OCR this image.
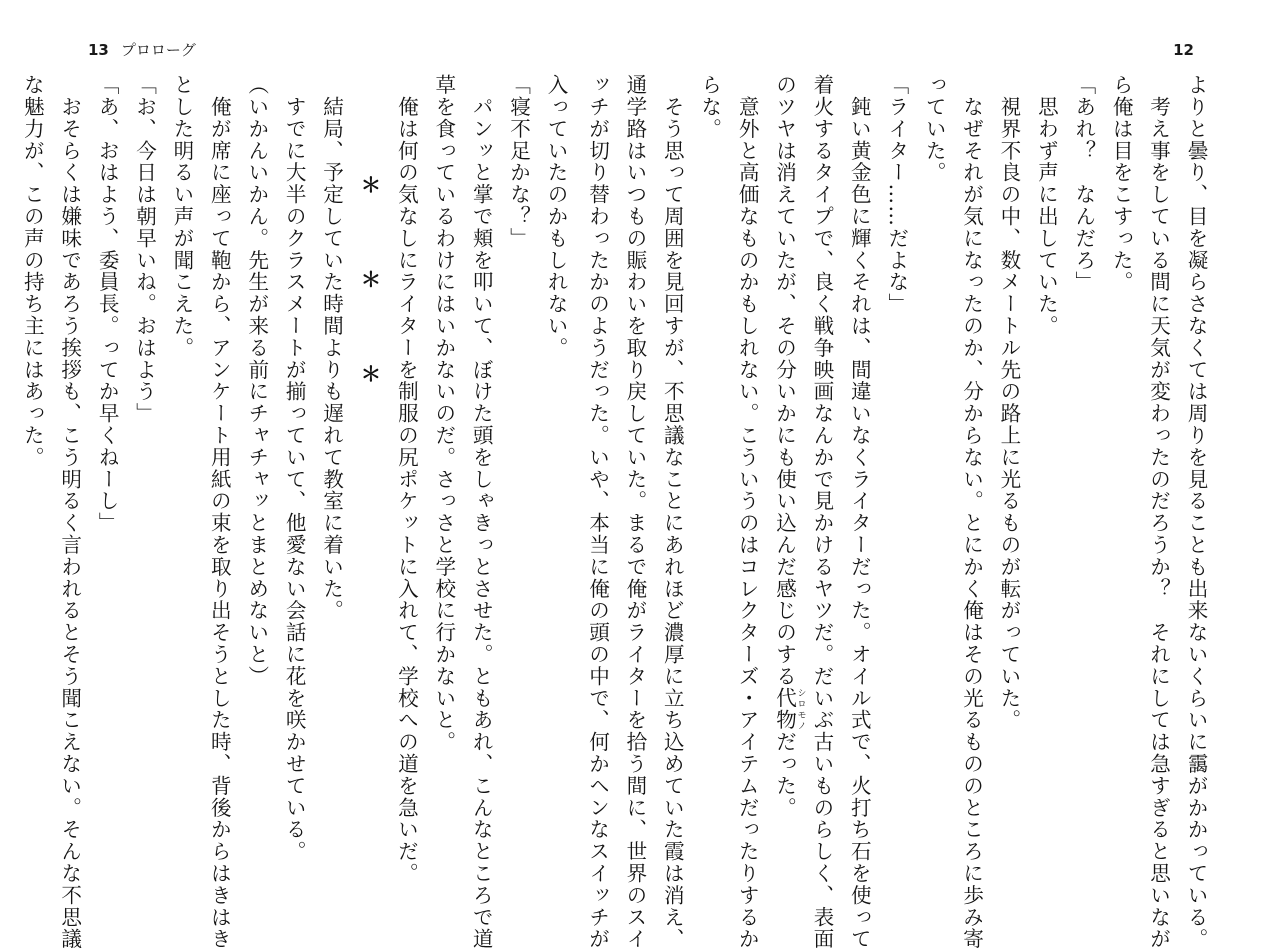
13 プロローグ	12
よりと曇り、目を凝らさなくては周りを見ることも出来ないくらいに靄がかかっている。
　考え事をしている間に天気が変わったのだろうか？　それにしては急すぎると思いなが
ら俺は目をこすった。
「あれ？　なんだろ」
　思わず声に出していた。
　視界不良の中、数メートル先の路上に光るものが転がっていた。
　なぜそれが気になったのか、分からない。とにかく俺はその光るもののところに歩み寄
っていた。
「ライター……だよな」
　鈍い黄金色に輝くそれは、間違いなくライターだった。オイル式で、火打ち石を使って
着火するタイプで、良く戦争映画なんかで見かけるヤツだ。だいぶ古いものらしく、表面
のツヤは消えていたが、その分いかにも使い込んだ感じのする代物 シロモノだった。
　意外と高価なものかもしれない。こういうのはコレクターズ・アイテムだったりするか
らな。
　そう思って周囲を見回すが、不思議なことにあれほど濃厚に立ち込めていた霞は消え、
通学路はいつもの賑わいを取り戻していた。まるで俺がライターを拾う間に、世界のスイ
ッチが切り替わったかのようだった。いや、本当に俺の頭の中で、何かヘンなスイッチが
入っていたのかもしれない。
「寝不足かな？」
　パンッと掌で頬を叩いて、ぼけた頭をしゃきっとさせた。ともあれ、こんなところで道
草を食っているわけにはいかないのだ。さっさと学校に行かないと。
　俺は何の気なしにライターを制服の尻ポケットに入れて、学校への道を急いだ。
＊＊＊
　結局、予定していた時間よりも遅れて教室に着いた。
　すでに大半のクラスメートが揃っていて、他愛ない会話に花を咲かせている。
（いかんいかん。先生が来る前にチャチャッとまとめないと）
　俺が席に座って鞄から、アンケート用紙の束を取り出そうとした時、背後からはきはき
とした明るい声が聞こえた。
「お、今日は朝早いね。おはよう」
「あ、おはよう、委員長。ってか早くねーし」
　おそらくは嫌味であろう挨拶も、こう明るく言われるとそう聞こえない。そんな不思議
な魅力が、この声の持ち主にはあった。
